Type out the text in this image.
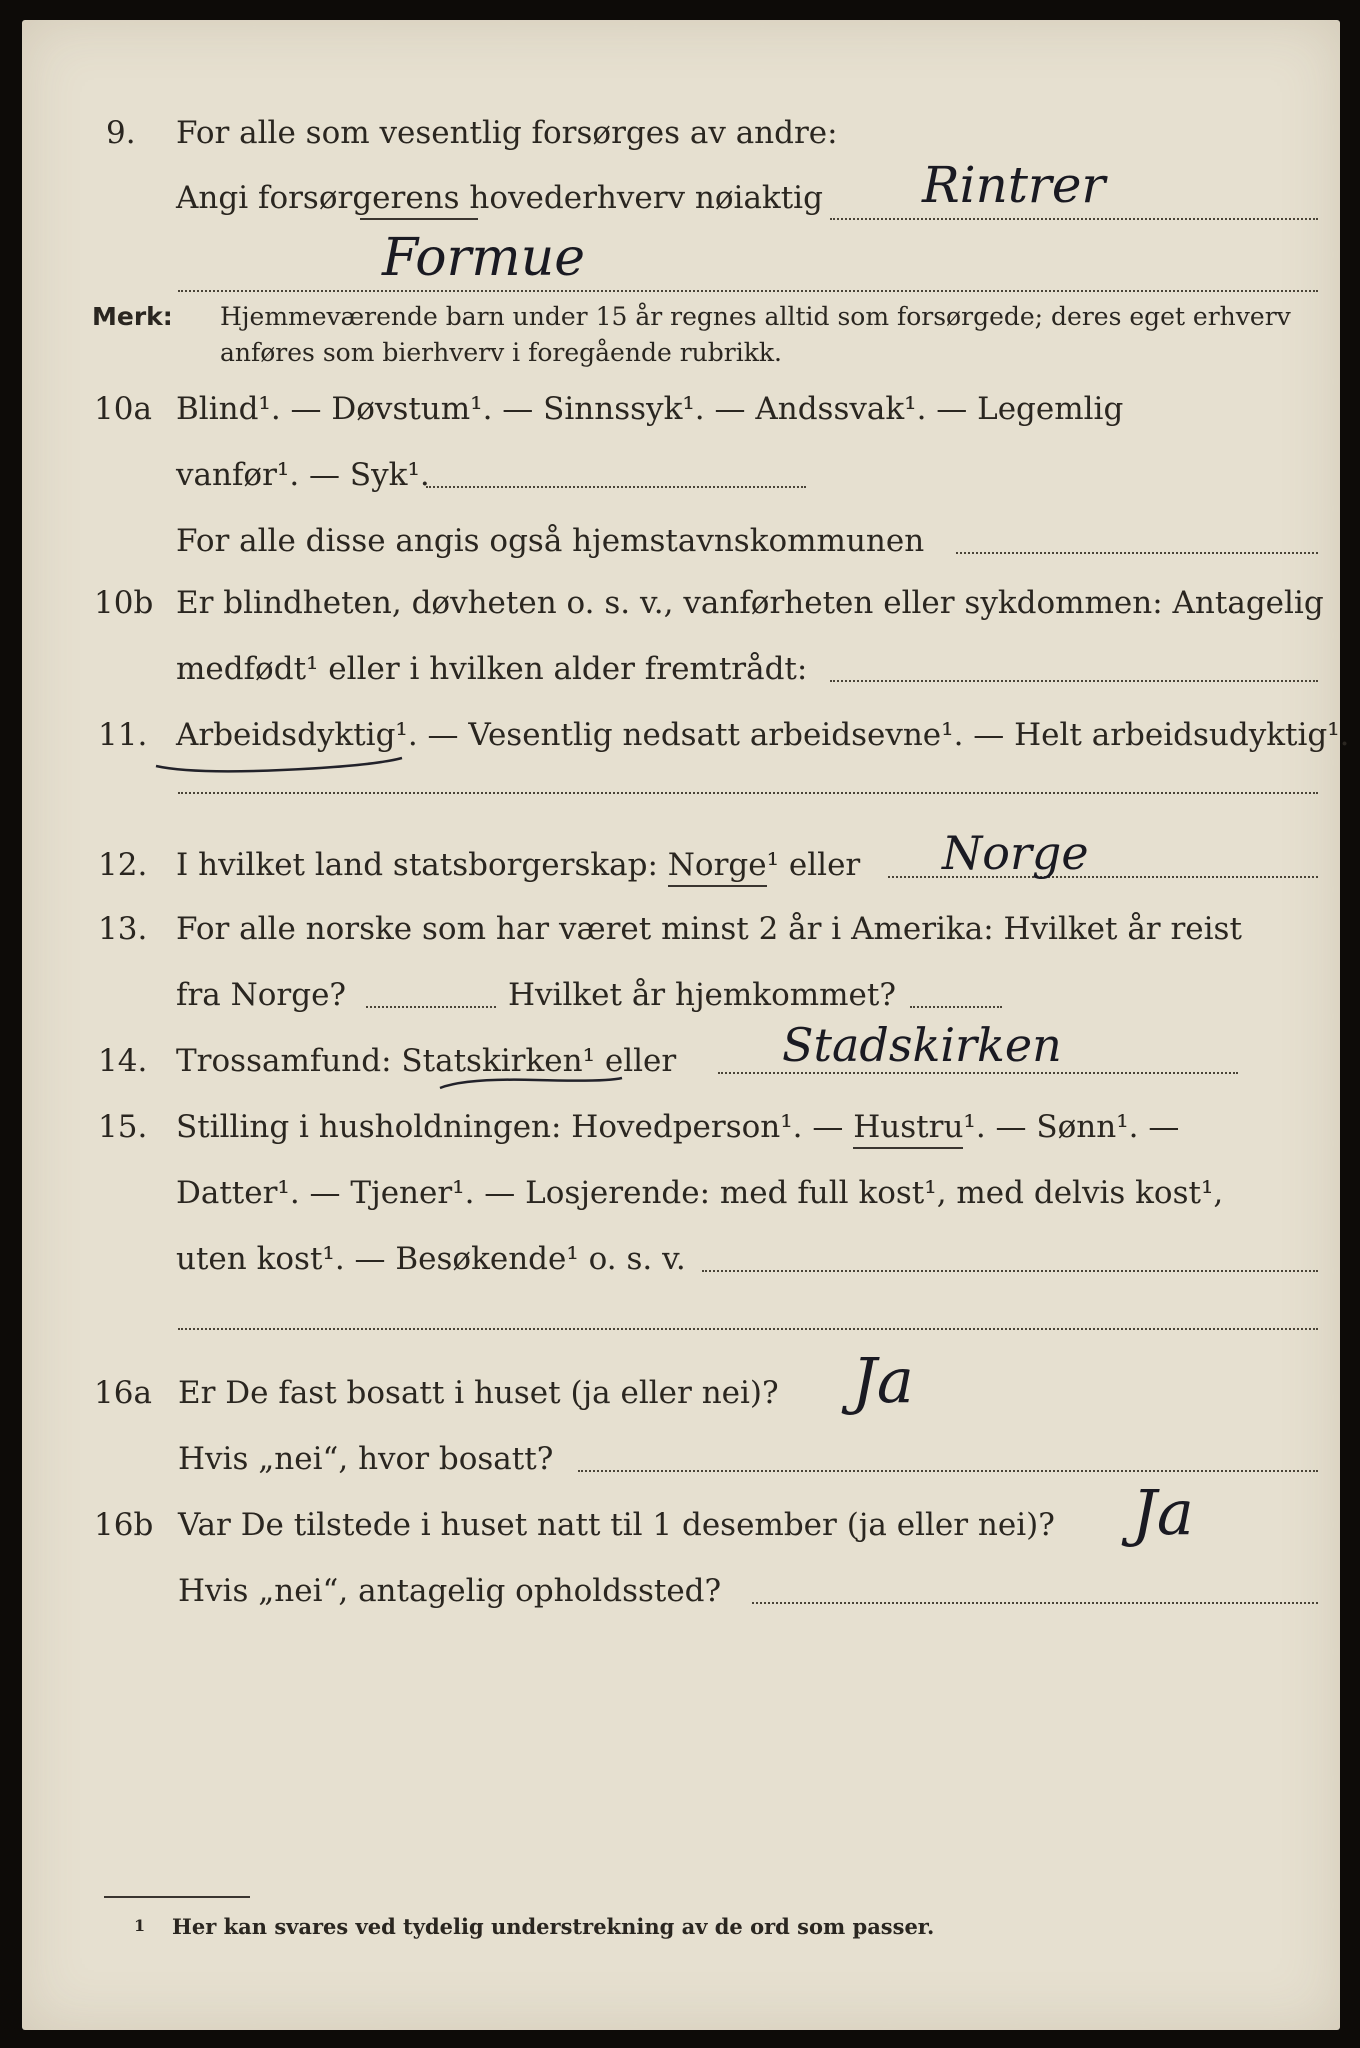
9. For alle som vesentlig forsørges av andre:
Angi forsørgerens hovederhverv nøiaktig Rintrer
Formue
Merk: Hjemmeværende barn under 15 år regnes alltid som forsørgede; deres eget erhverv
anføres som bierhverv i foregående rubrikk.
10a Blind¹. — Døvstum¹. — Sinnssyk¹. — Andssvak¹. — Legemlig
vanfør¹. — Syk¹.
For alle disse angis også hjemstavnskommunen
10b Er blindheten, døvheten o. s. v., vanførheten eller sykdommen: Antagelig
medfødt¹ eller i hvilken alder fremtrådt:
11. Arbeidsdyktig¹. — Vesentlig nedsatt arbeidsevne¹. — Helt arbeidsudyktig¹.
12. I hvilket land statsborgerskap: Norge¹ eller Norge
13. For alle norske som har været minst 2 år i Amerika: Hvilket år reist
fra Norge?	Hvilket år hjemkommet?
14. Trossamfund: Statskirken¹ eller Stadskirken
15. Stilling i husholdningen: Hovedperson¹. — Hustru¹. — Sønn¹. —
Datter¹. — Tjener¹. — Losjerende: med full kost¹, med delvis kost¹,
uten kost¹. — Besøkende¹ o. s. v.
16a Er De fast bosatt i huset (ja eller nei)? Ja
Hvis „nei“, hvor bosatt?
16b Var De tilstede i huset natt til 1 desember (ja eller nei)? Ja
Hvis „nei“, antagelig opholdssted?
1 Her kan svares ved tydelig understrekning av de ord som passer.
